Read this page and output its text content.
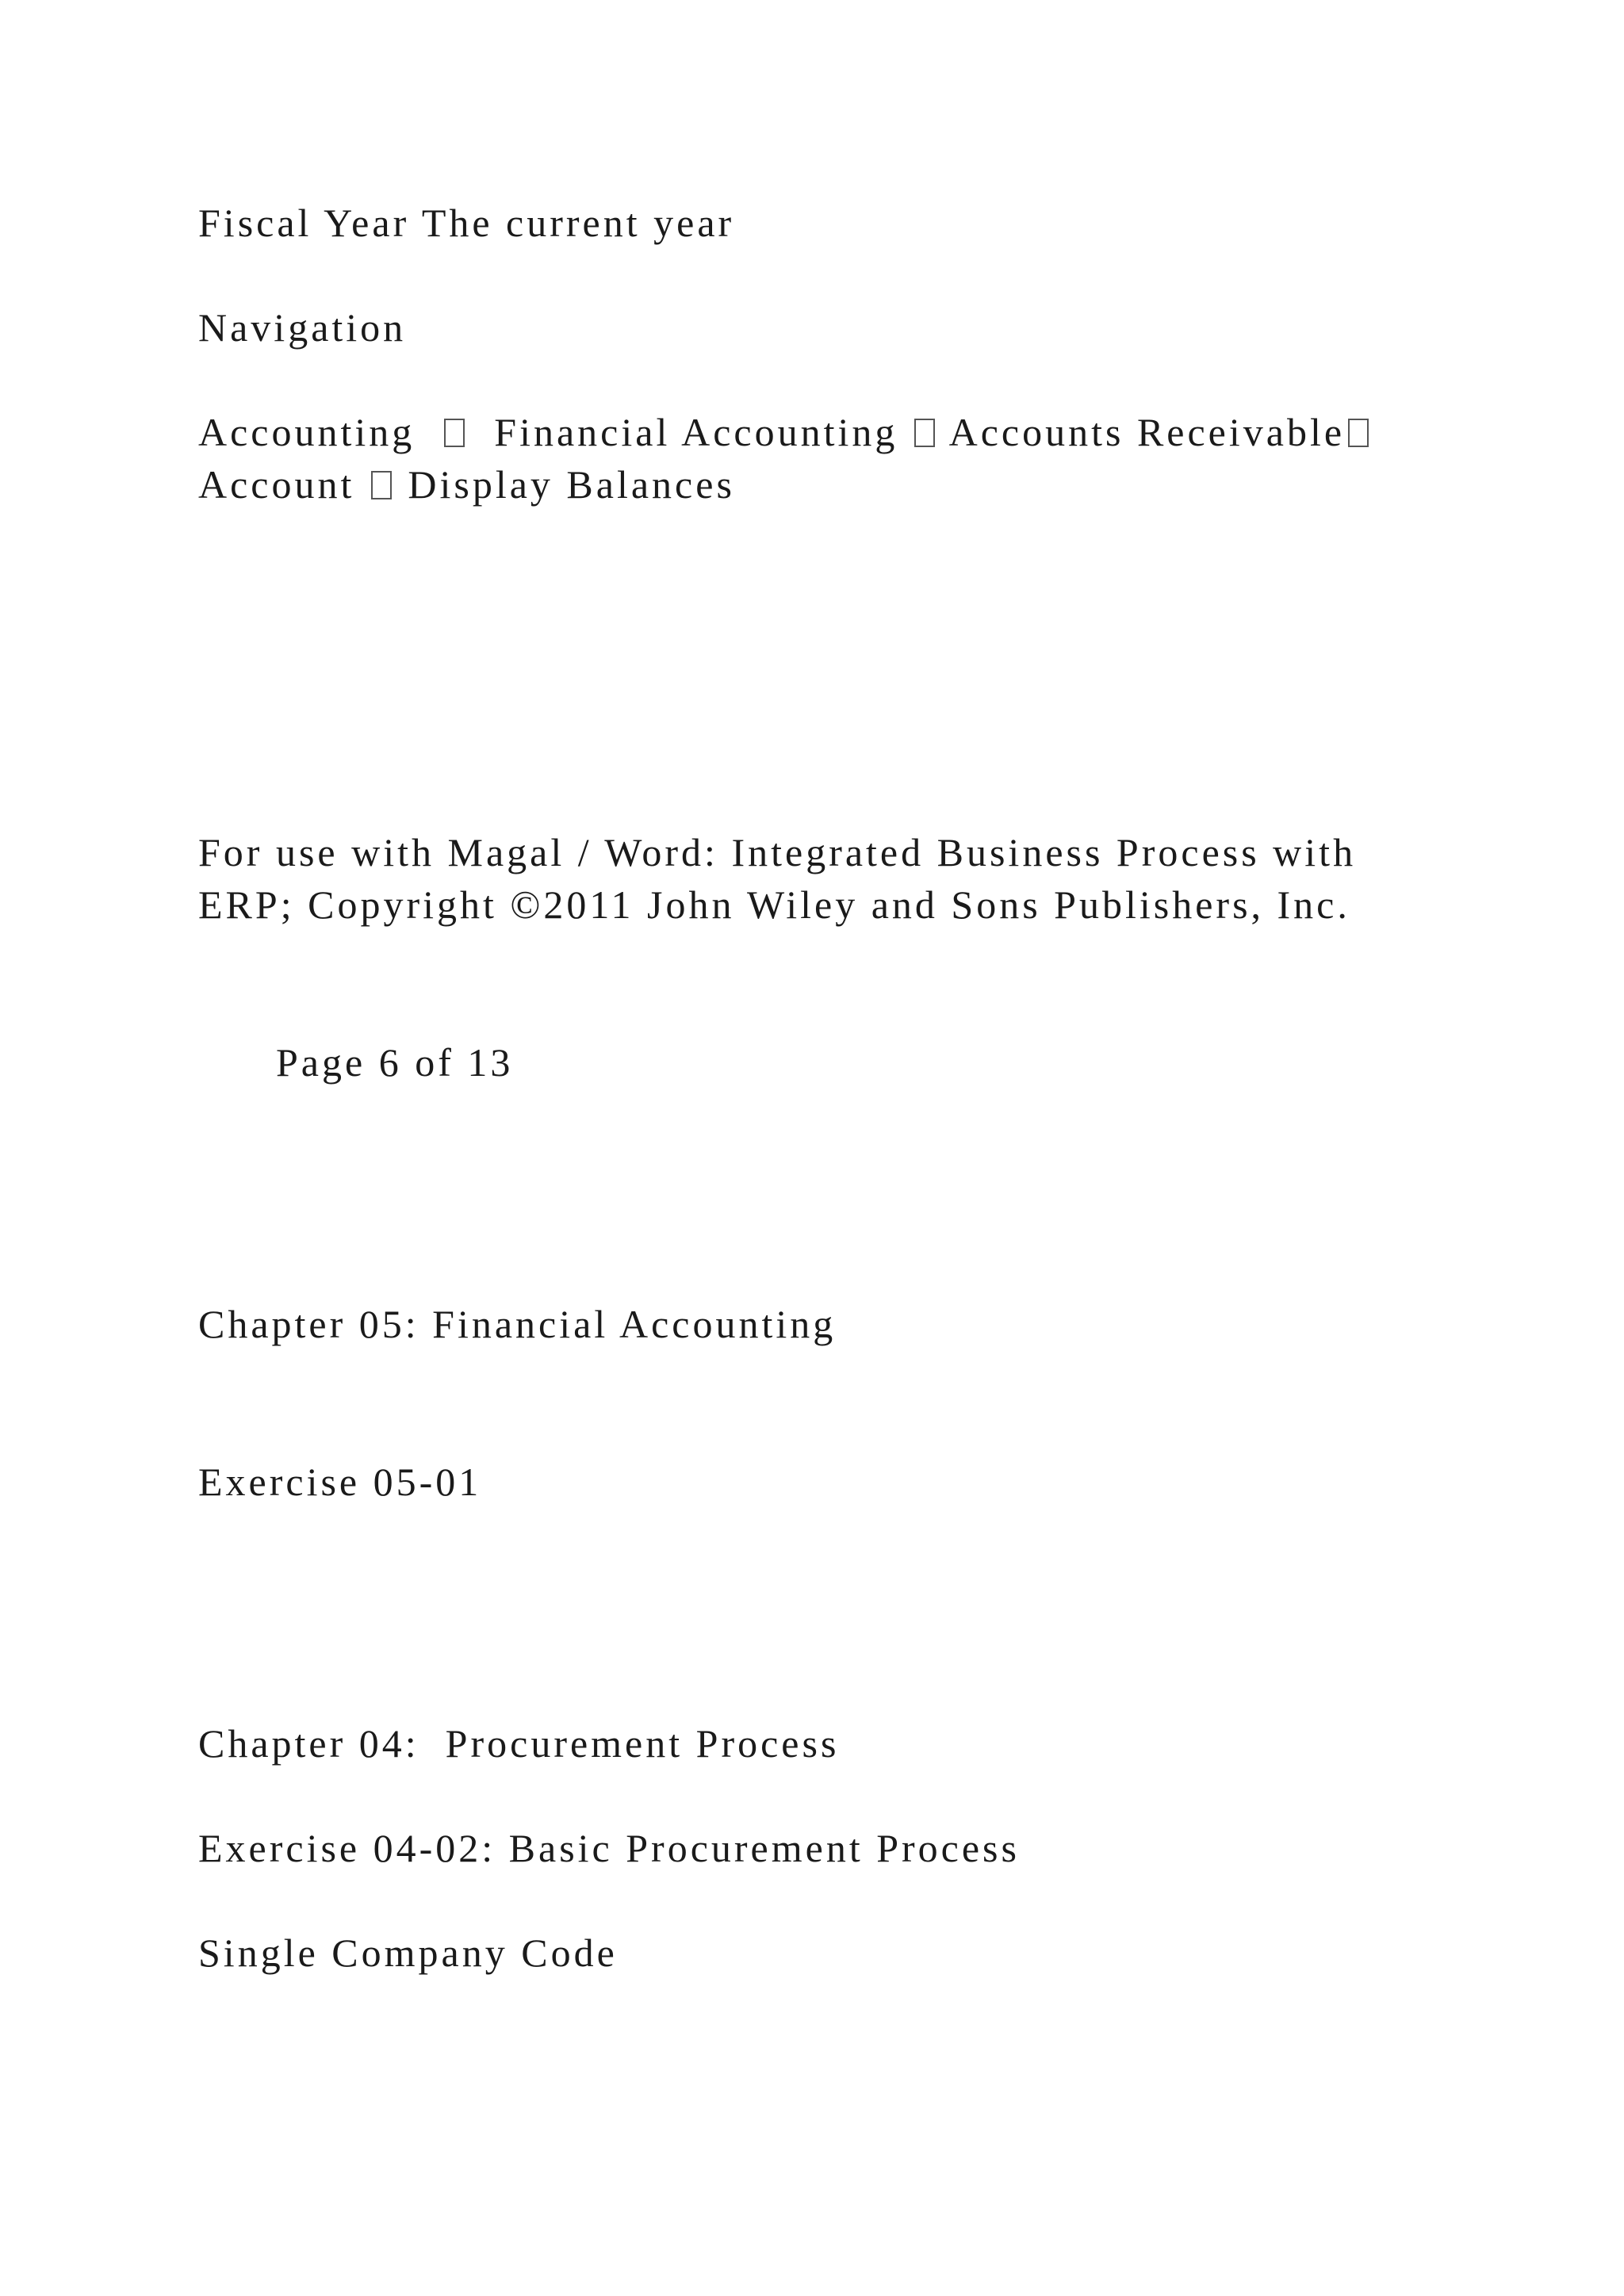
Fiscal Year The current year

Navigation

Accounting Financial Accounting Accounts Receivable

Account Display Balances

For use with Magal / Word: Integrated Business Process with

ERP; Copyright ©2011 John Wiley and Sons Publishers, Inc.

Page 6 of 13

Chapter 05: Financial Accounting

Exercise 05-01

Chapter 04:  Procurement Process

Exercise 04-02: Basic Procurement Process

Single Company Code
